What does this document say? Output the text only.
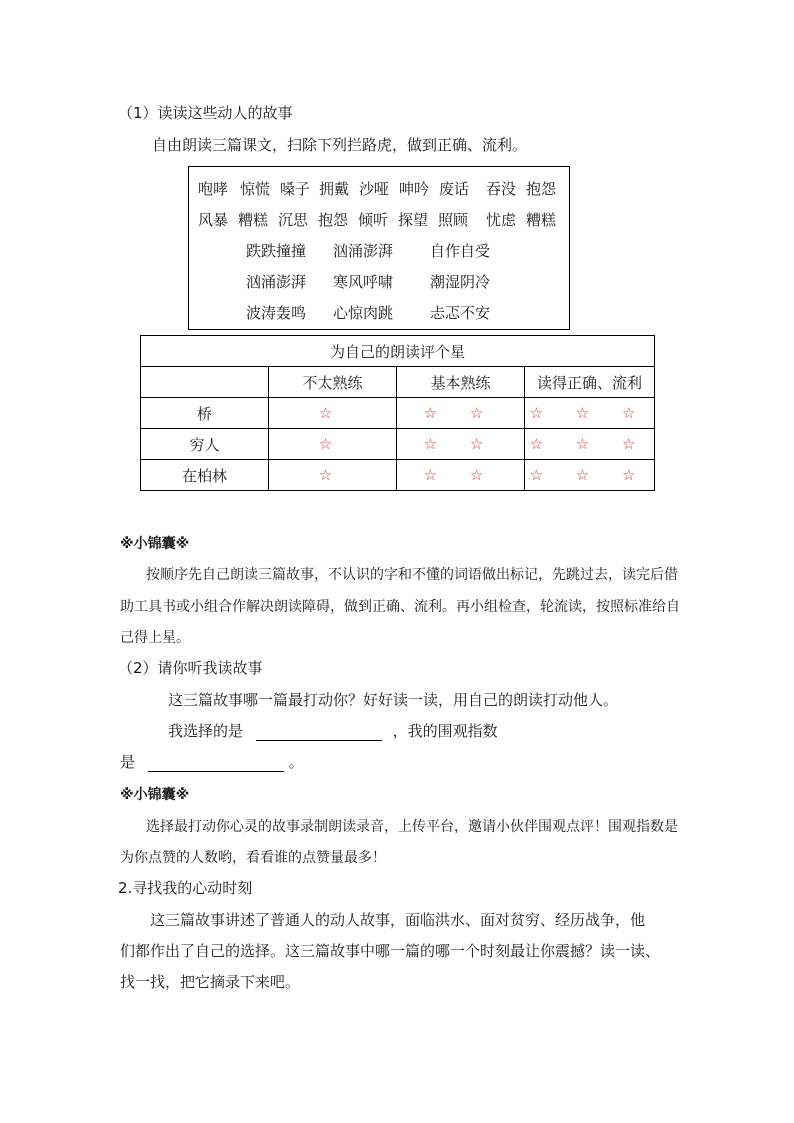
（1）读读这些动人的故事
自由朗读三篇课文，扫除下列拦路虎，做到正确、流利。
咆哮 惊慌 嗓子 拥戴 沙哑 呻吟 废话 吞没 抱怨
风暴 糟糕 沉思 抱怨 倾听 探望 照顾 忧虑 糟糕
跌跌撞撞 汹涌澎湃 自作自受
汹涌澎湃 寒风呼啸 潮湿阴冷
波涛轰鸣 心惊肉跳 忐忑不安
为自己的朗读评个星			
	不太熟练	基本熟练	读得正确、流利
桥	☆	☆ ☆	☆ ☆ ☆
穷人	☆	☆ ☆	☆ ☆ ☆
在柏林	☆	☆ ☆	☆ ☆ ☆
※小锦囊※
按顺序先自己朗读三篇故事，不认识的字和不懂的词语做出标记，先跳过去，读完后借
助工具书或小组合作解决朗读障碍，做到正确、流利。再小组检查，轮流读，按照标准给自
己得上星。
（2）请你听我读故事
这三篇故事哪一篇最打动你？好好读一读，用自己的朗读打动他人。
我选择的是	，我的围观指数
是	。
※小锦囊※
选择最打动你心灵的故事录制朗读录音，上传平台，邀请小伙伴围观点评！围观指数是
为你点赞的人数哟，看看谁的点赞量最多！
2.寻找我的心动时刻
这三篇故事讲述了普通人的动人故事，面临洪水、面对贫穷、经历战争，他
们都作出了自己的选择。这三篇故事中哪一篇的哪一个时刻最让你震撼？读一读、
找一找，把它摘录下来吧。
